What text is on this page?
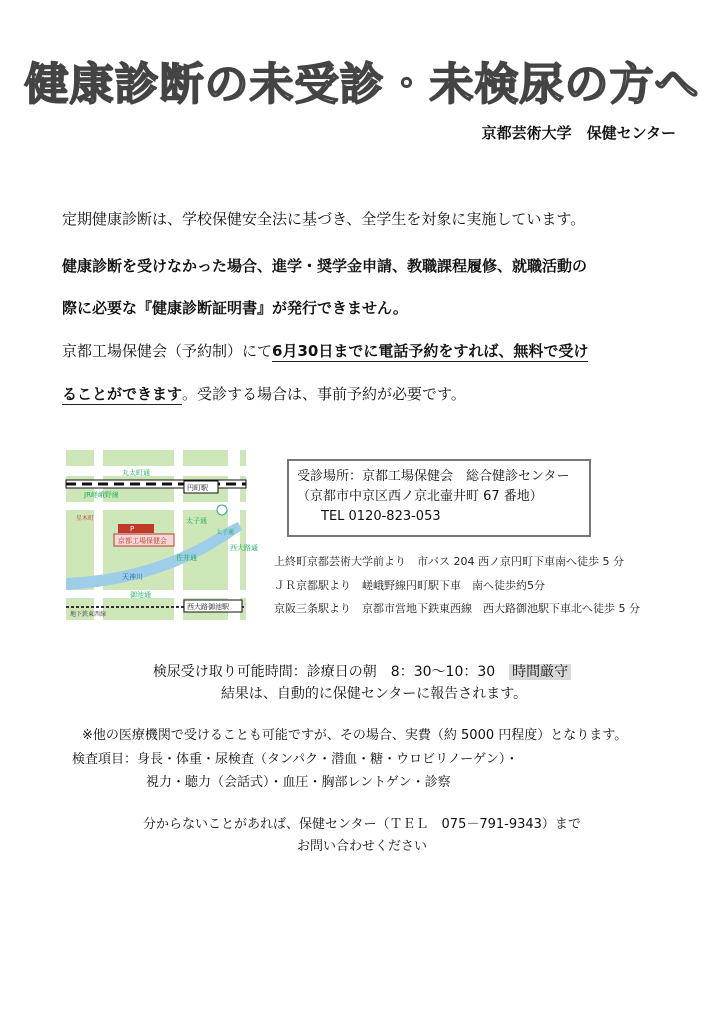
健康診断の未受診・未検尿の方へ
京都芸術大学　保健センター
定期健康診断は、学校保健安全法に基づき、全学生を対象に実施しています。
健康診断を受けなかった場合、進学・奨学金申請、教職課程履修、就職活動の
際に必要な『健康診断証明書』が発行できません。
京都工場保健会（予約制）にて6月30日までに電話予約をすれば、無料で受け
ることができます。受診する場合は、事前予約が必要です。
丸太町通
円町駅
JR嵯峨野線
星木町	太子通
太子通
P
京都工場保健会
佐井通
西大路通
天神川
御池通
地下鉄東西線
西大路御池駅
受診場所：京都工場保健会　総合健診センター
（京都市中京区西ノ京北壷井町 67 番地）
TEL 0120-823-053
上終町京都芸術大学前より　市バス 204 西ノ京円町下車南へ徒歩 5 分
ＪＲ京都駅より　嵯峨野線円町駅下車　南へ徒歩約5分
京阪三条駅より　京都市営地下鉄東西線　西大路御池駅下車北へ徒歩 5 分
検尿受け取り可能時間：診療日の朝　8：30～10：30　 時間厳守
結果は、自動的に保健センターに報告されます。
※他の医療機関で受けることも可能ですが、その場合、実費（約 5000 円程度）となります。
検査項目：身長・体重・尿検査（タンパク・潜血・糖・ウロビリノーゲン）・
視力・聴力（会話式）・血圧・胸部レントゲン・診察
分からないことがあれば、保健センター（ＴＥＬ　075－791-9343）まで
お問い合わせください
